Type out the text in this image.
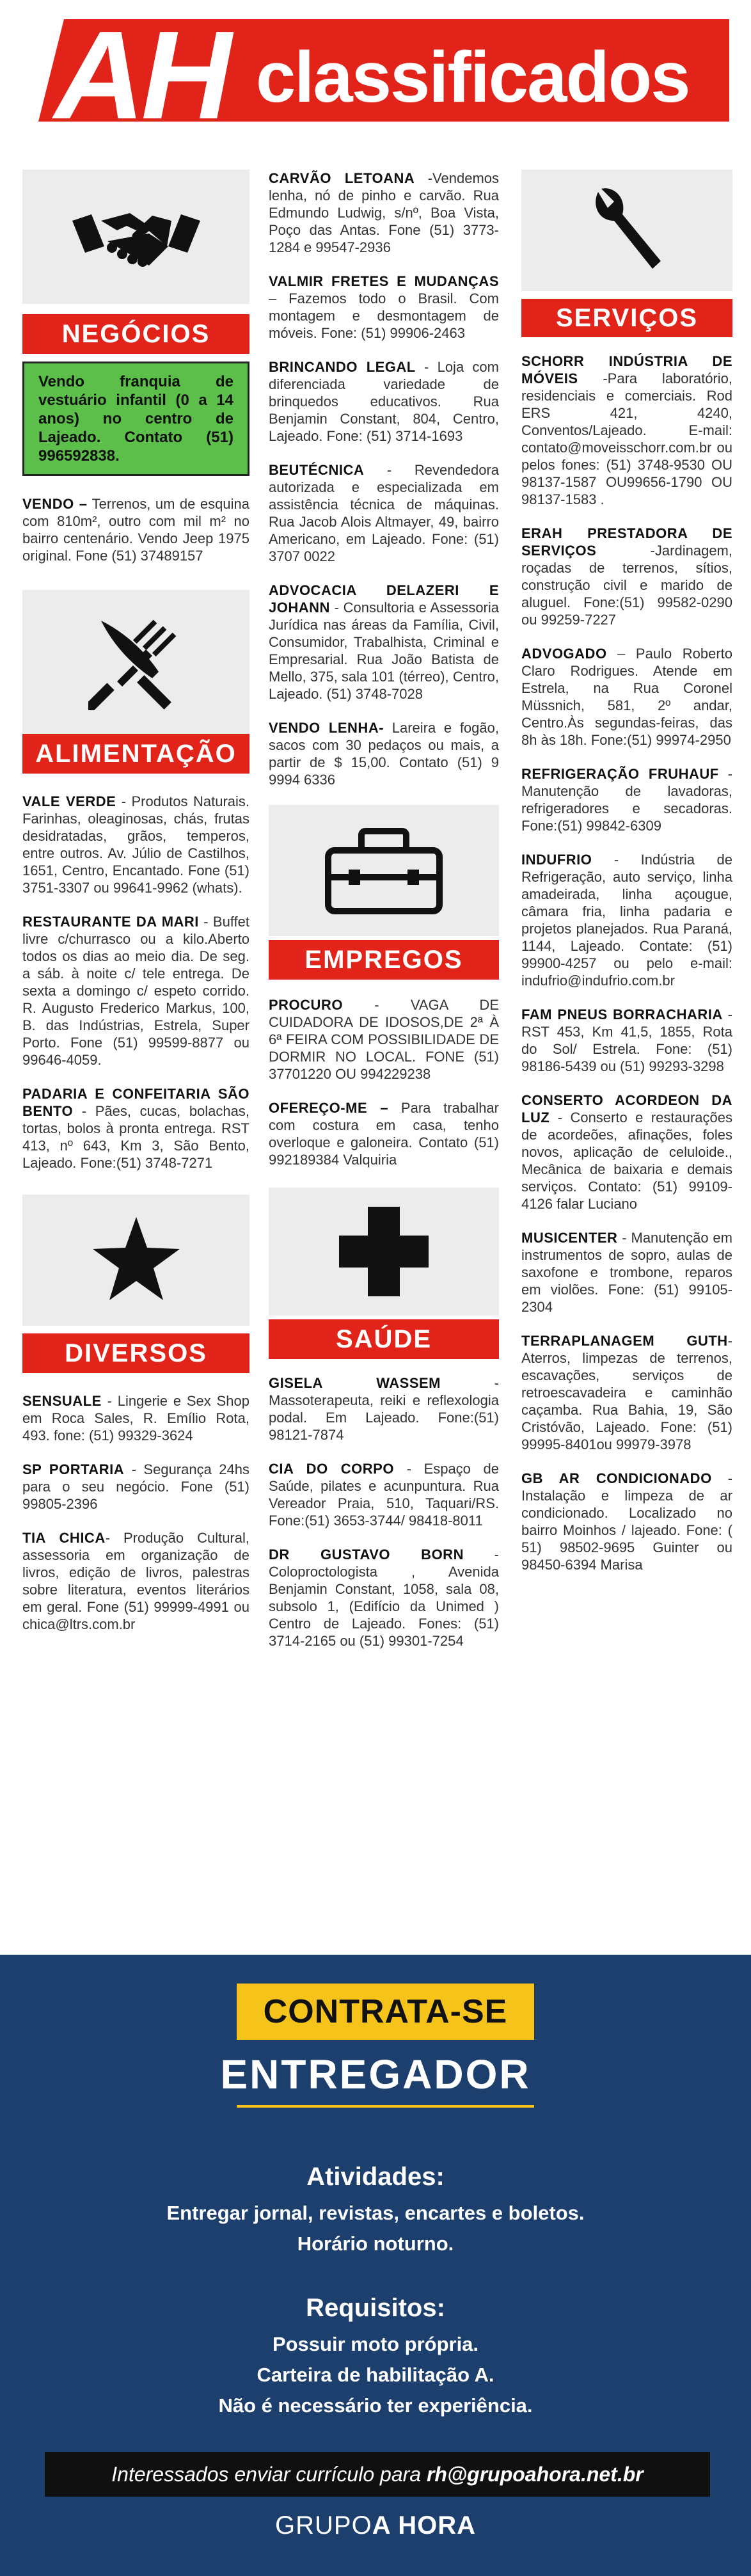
AH classificados
NEGÓCIOS
Vendo franquia de vestuário infantil (0 a 14 anos) no centro de Lajeado. Contato (51) 996592838.
VENDO – Terrenos, um de esquina com 810m², outro com mil m² no bairro centenário. Vendo Jeep 1975 original. Fone (51) 37489157
ALIMENTAÇÃO
VALE VERDE - Produtos Naturais. Farinhas, oleaginosas, chás, frutas desidratadas, grãos, temperos, entre outros. Av. Júlio de Castilhos, 1651, Centro, Encantado. Fone (51) 3751-3307 ou 99641-9962 (whats).
RESTAURANTE DA MARI - Buffet livre c/churrasco ou a kilo.Aberto todos os dias ao meio dia. De seg. a sáb. à noite c/ tele entrega. De sexta a domingo c/ espeto corrido. R. Augusto Frederico Markus, 100, B. das Indústrias, Estrela, Super Porto. Fone (51) 99599-8877 ou 99646-4059.
PADARIA E CONFEITARIA SÃO BENTO - Pães, cucas, bolachas, tortas, bolos à pronta entrega. RST 413, nº 643, Km 3, São Bento, Lajeado. Fone:(51) 3748-7271
DIVERSOS
SENSUALE - Lingerie e Sex Shop em Roca Sales, R. Emílio Rota, 493. fone: (51) 99329-3624
SP PORTARIA - Segurança 24hs para o seu negócio. Fone (51) 99805-2396
TIA CHICA- Produção Cultural, assessoria em organização de livros, edição de livros, palestras sobre literatura, eventos literários em geral. Fone (51) 99999-4991 ou chica@ltrs.com.br
CARVÃO LETOANA -Vendemos lenha, nó de pinho e carvão. Rua Edmundo Ludwig, s/nº, Boa Vista, Poço das Antas. Fone (51) 3773-1284 e 99547-2936
VALMIR FRETES E MUDANÇAS – Fazemos todo o Brasil. Com montagem e desmontagem de móveis. Fone: (51) 99906-2463
BRINCANDO LEGAL - Loja com diferenciada variedade de brinquedos educativos. Rua Benjamin Constant, 804, Centro, Lajeado. Fone: (51) 3714-1693
BEUTÉCNICA - Revendedora autorizada e especializada em assistência técnica de máquinas. Rua Jacob Alois Altmayer, 49, bairro Americano, em Lajeado. Fone: (51) 3707 0022
ADVOCACIA DELAZERI E JOHANN - Consultoria e Assessoria Jurídica nas áreas da Família, Civil, Consumidor, Trabalhista, Criminal e Empresarial. Rua João Batista de Mello, 375, sala 101 (térreo), Centro, Lajeado. (51) 3748-7028
VENDO LENHA- Lareira e fogão, sacos com 30 pedaços ou mais, a partir de $ 15,00. Contato (51) 9 9994 6336
EMPREGOS
PROCURO - VAGA DE CUIDADORA DE IDOSOS,DE 2ª À 6ª FEIRA COM POSSIBILIDADE DE DORMIR NO LOCAL. FONE (51) 37701220 OU 994229238
OFEREÇO-ME – Para trabalhar com costura em casa, tenho overloque e galoneira. Contato (51) 992189384 Valquiria
SAÚDE
GISELA WASSEM - Massoterapeuta, reiki e reflexologia podal. Em Lajeado. Fone:(51) 98121-7874
CIA DO CORPO - Espaço de Saúde, pilates e acunpuntura. Rua Vereador Praia, 510, Taquari/RS. Fone:(51) 3653-3744/ 98418-8011
DR GUSTAVO BORN - Coloproctologista , Avenida Benjamin Constant, 1058, sala 08, subsolo 1, (Edifício da Unimed ) Centro de Lajeado. Fones: (51) 3714-2165 ou (51) 99301-7254
SERVIÇOS
SCHORR INDÚSTRIA DE MÓVEIS -Para laboratório, residenciais e comerciais. Rod ERS 421, 4240, Conventos/Lajeado. E-mail: contato@moveisschorr.com.br ou pelos fones: (51) 3748-9530 OU 98137-1587 OU99656-1790 OU 98137-1583 .
ERAH PRESTADORA DE SERVIÇOS -Jardinagem, roçadas de terrenos, sítios, construção civil e marido de aluguel. Fone:(51) 99582-0290 ou 99259-7227
ADVOGADO – Paulo Roberto Claro Rodrigues. Atende em Estrela, na Rua Coronel Müssnich, 581, 2º andar, Centro.Às segundas-feiras, das 8h às 18h. Fone:(51) 99974-2950
REFRIGERAÇÃO FRUHAUF - Manutenção de lavadoras, refrigeradores e secadoras. Fone:(51) 99842-6309
INDUFRIO - Indústria de Refrigeração, auto serviço, linha amadeirada, linha açougue, câmara fria, linha padaria e projetos planejados. Rua Paraná, 1144, Lajeado. Contate: (51) 99900-4257 ou pelo e-mail: indufrio@indufrio.com.br
FAM PNEUS BORRACHARIA - RST 453, Km 41,5, 1855, Rota do Sol/ Estrela. Fone: (51) 98186-5439 ou (51) 99293-3298
CONSERTO ACORDEON DA LUZ - Conserto e restaurações de acordeões, afinações, foles novos, aplicação de celuloide., Mecânica de baixaria e demais serviços. Contato: (51) 99109-4126 falar Luciano
MUSICENTER - Manutenção em instrumentos de sopro, aulas de saxofone e trombone, reparos em violões. Fone: (51) 99105-2304
TERRAPLANAGEM GUTH- Aterros, limpezas de terrenos, escavações, serviços de retroescavadeira e caminhão caçamba. Rua Bahia, 19, São Cristóvão, Lajeado. Fone: (51) 99995-8401ou 99979-3978
GB AR CONDICIONADO - Instalação e limpeza de ar condicionado. Localizado no bairro Moinhos / lajeado. Fone: ( 51) 98502-9695 Guinter ou 98450-6394 Marisa
CONTRATA-SE
ENTREGADOR
Atividades:
Entregar jornal, revistas, encartes e boletos.
Horário noturno.
Requisitos:
Possuir moto própria.
Carteira de habilitação A.
Não é necessário ter experiência.
Interessados enviar currículo para rh@grupoahora.net.br
GRUPOA HORA
